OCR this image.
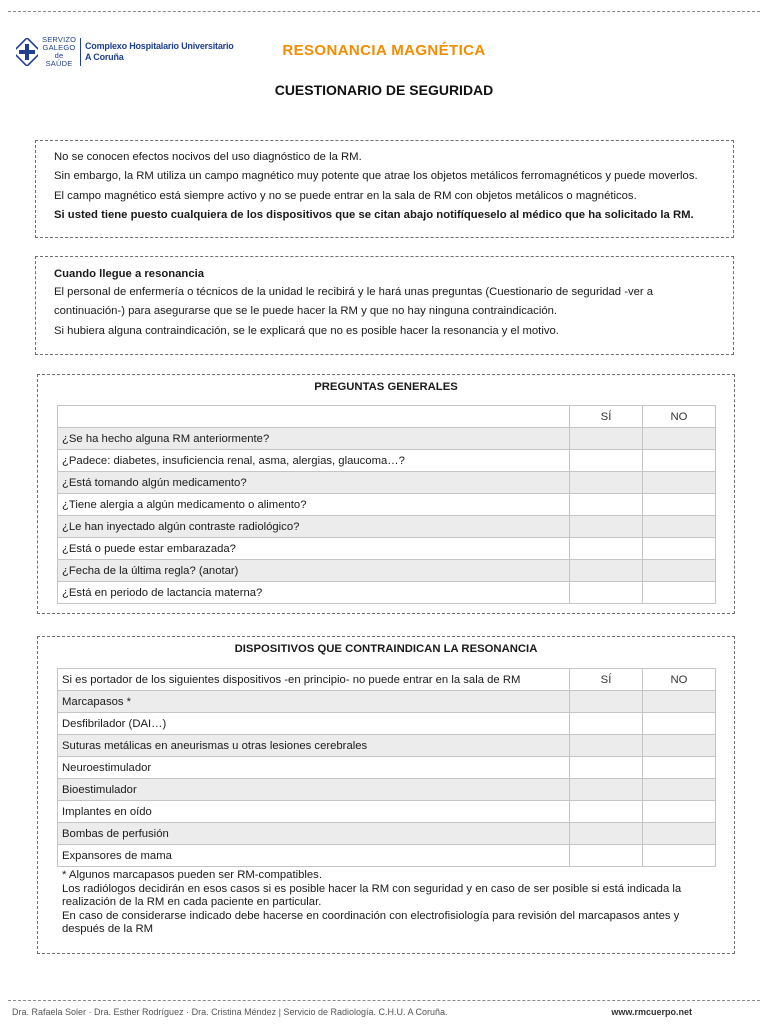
SERVIZO
GALEGO
de SAÚDE
Complexo Hospitalario Universitario
A Coruña	RESONANCIA MAGNÉTICA
CUESTIONARIO DE SEGURIDAD
No se conocen efectos nocivos del uso diagnóstico de la RM.
Sin embargo, la RM utiliza un campo magnético muy potente que atrae los objetos metálicos ferromagnéticos y puede moverlos.
El campo magnético está siempre activo y no se puede entrar en la sala de RM con objetos metálicos o magnéticos.
Si usted tiene puesto cualquiera de los dispositivos que se citan abajo notifíqueselo al médico que ha solicitado la RM.
Cuando llegue a resonancia
El personal de enfermería o técnicos de la unidad le recibirá y le hará unas preguntas (Cuestionario de seguridad -ver a
continuación-) para asegurarse que se le puede hacer la RM y que no hay ninguna contraindicación.
Si hubiera alguna contraindicación, se le explicará que no es posible hacer la resonancia y el motivo.
PREGUNTAS GENERALES
	SÍ	NO
¿Se ha hecho alguna RM anteriormente?		
¿Padece: diabetes, insuficiencia renal, asma, alergias, glaucoma…?		
¿Está tomando algún medicamento?		
¿Tiene alergia a algún medicamento o alimento?		
¿Le han inyectado algún contraste radiológico?		
¿Está o puede estar embarazada?		
¿Fecha de la última regla? (anotar)		
¿Está en periodo de lactancia materna?		
DISPOSITIVOS QUE CONTRAINDICAN LA RESONANCIA
Si es portador de los siguientes dispositivos -en principio- no puede entrar en la sala de RM	SÍ	NO
Marcapasos *		
Desfibrilador (DAI…)		
Suturas metálicas en aneurismas u otras lesiones cerebrales		
Neuroestimulador		
Bioestimulador		
Implantes en oído		
Bombas de perfusión		
Expansores de mama		
* Algunos marcapasos pueden ser RM-compatibles.
Los radiólogos decidirán en esos casos si es posible hacer la RM con seguridad y en caso de ser posible si está indicada la realización de la RM en cada paciente en particular.
En caso de considerarse indicado debe hacerse en coordinación con electrofisiología para revisión del marcapasos antes y después de la RM
Dra. Rafaela Soler · Dra. Esther Rodríguez · Dra. Cristina Méndez | Servicio de Radiología. C.H.U. A Coruña.	www.rmcuerpo.net
